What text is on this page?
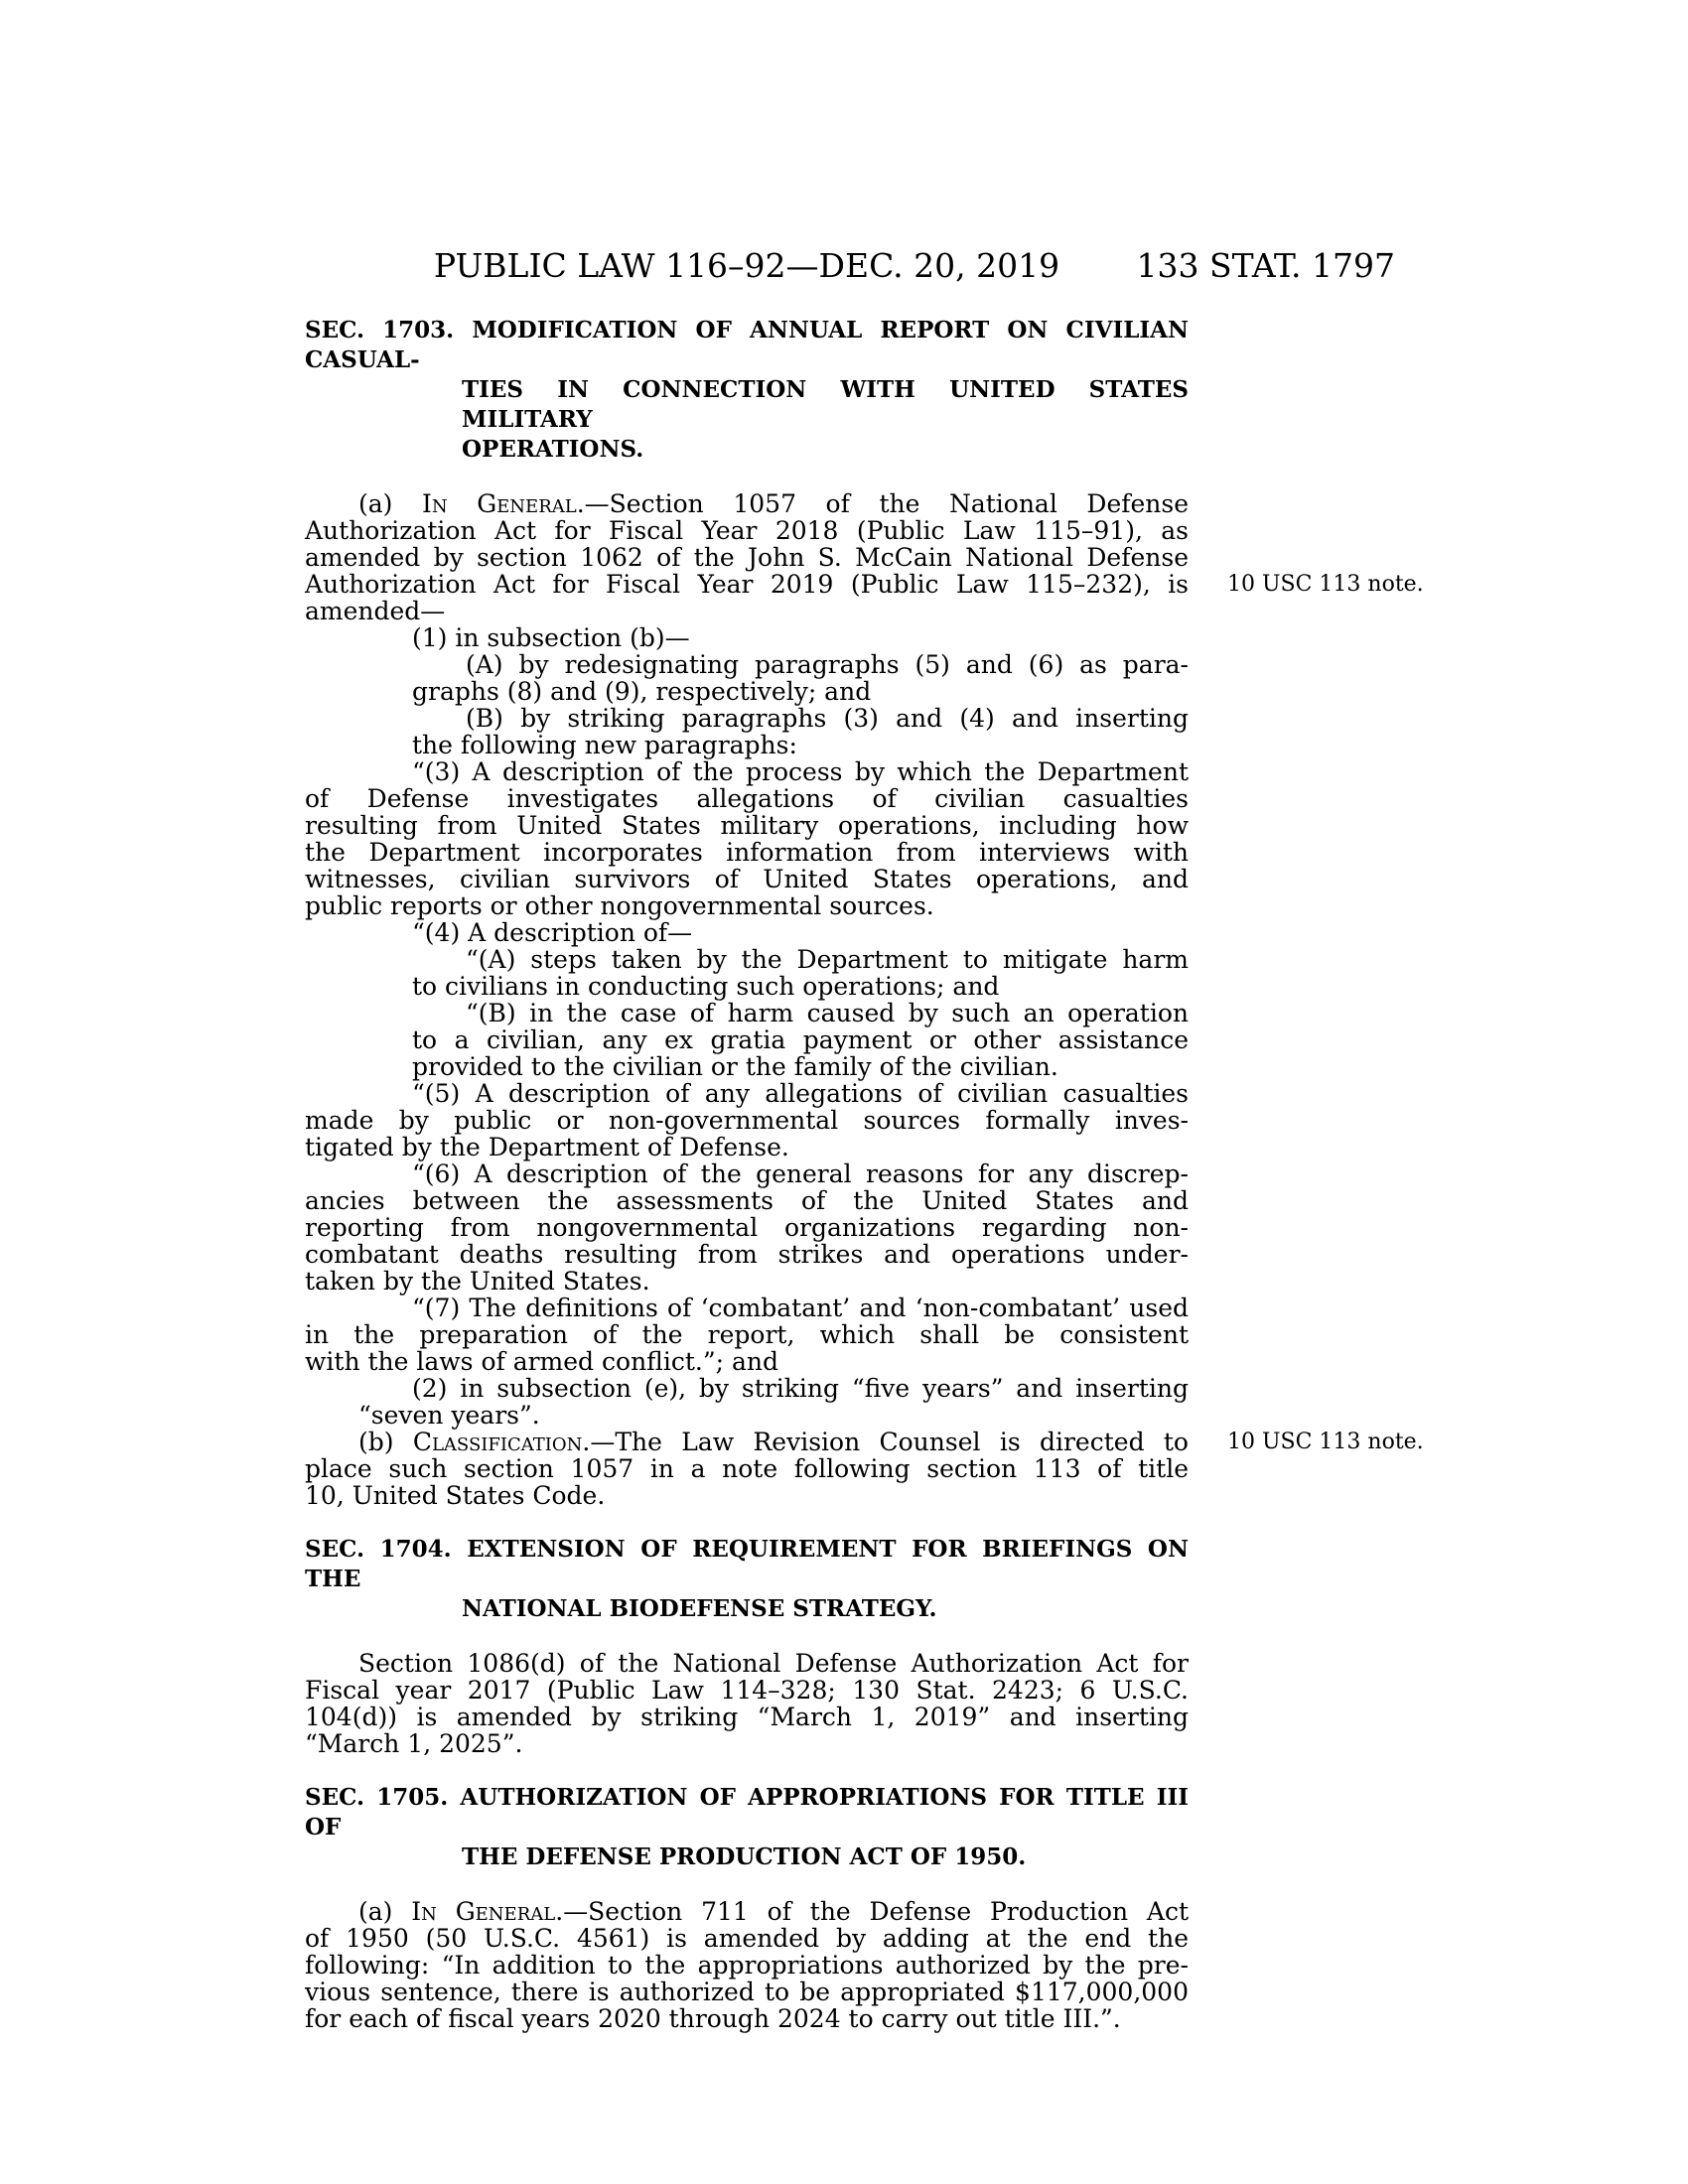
PUBLIC LAW 116–92—DEC. 20, 2019	133 STAT. 1797
SEC. 1703. MODIFICATION OF ANNUAL REPORT ON CIVILIAN CASUAL-
TIES IN CONNECTION WITH UNITED STATES MILITARY
OPERATIONS.
(a) In General.—Section 1057 of the National Defense
Authorization Act for Fiscal Year 2018 (Public Law 115–91), as
amended by section 1062 of the John S. McCain National Defense
Authorization Act for Fiscal Year 2019 (Public Law 115–232), is 10 USC 113 note.
amended—
(1) in subsection (b)—
(A) by redesignating paragraphs (5) and (6) as para-
graphs (8) and (9), respectively; and
(B) by striking paragraphs (3) and (4) and inserting
the following new paragraphs:
“(3) A description of the process by which the Department
of Defense investigates allegations of civilian casualties
resulting from United States military operations, including how
the Department incorporates information from interviews with
witnesses, civilian survivors of United States operations, and
public reports or other nongovernmental sources.
“(4) A description of—
“(A) steps taken by the Department to mitigate harm
to civilians in conducting such operations; and
“(B) in the case of harm caused by such an operation
to a civilian, any ex gratia payment or other assistance
provided to the civilian or the family of the civilian.
“(5) A description of any allegations of civilian casualties
made by public or non-governmental sources formally inves-
tigated by the Department of Defense.
“(6) A description of the general reasons for any discrep-
ancies between the assessments of the United States and
reporting from nongovernmental organizations regarding non-
combatant deaths resulting from strikes and operations under-
taken by the United States.
“(7) The definitions of ‘combatant’ and ‘non-combatant’ used
in the preparation of the report, which shall be consistent
with the laws of armed conflict.”; and
(2) in subsection (e), by striking “five years” and inserting
“seven years”.
(b) Classification.—The Law Revision Counsel is directed to 10 USC 113 note.
place such section 1057 in a note following section 113 of title
10, United States Code.
SEC. 1704. EXTENSION OF REQUIREMENT FOR BRIEFINGS ON THE
NATIONAL BIODEFENSE STRATEGY.
Section 1086(d) of the National Defense Authorization Act for
Fiscal year 2017 (Public Law 114–328; 130 Stat. 2423; 6 U.S.C.
104(d)) is amended by striking “March 1, 2019” and inserting
“March 1, 2025”.
SEC. 1705. AUTHORIZATION OF APPROPRIATIONS FOR TITLE III OF
THE DEFENSE PRODUCTION ACT OF 1950.
(a) In General.—Section 711 of the Defense Production Act
of 1950 (50 U.S.C. 4561) is amended by adding at the end the
following: “In addition to the appropriations authorized by the pre-
vious sentence, there is authorized to be appropriated $117,000,000
for each of fiscal years 2020 through 2024 to carry out title III.”.
